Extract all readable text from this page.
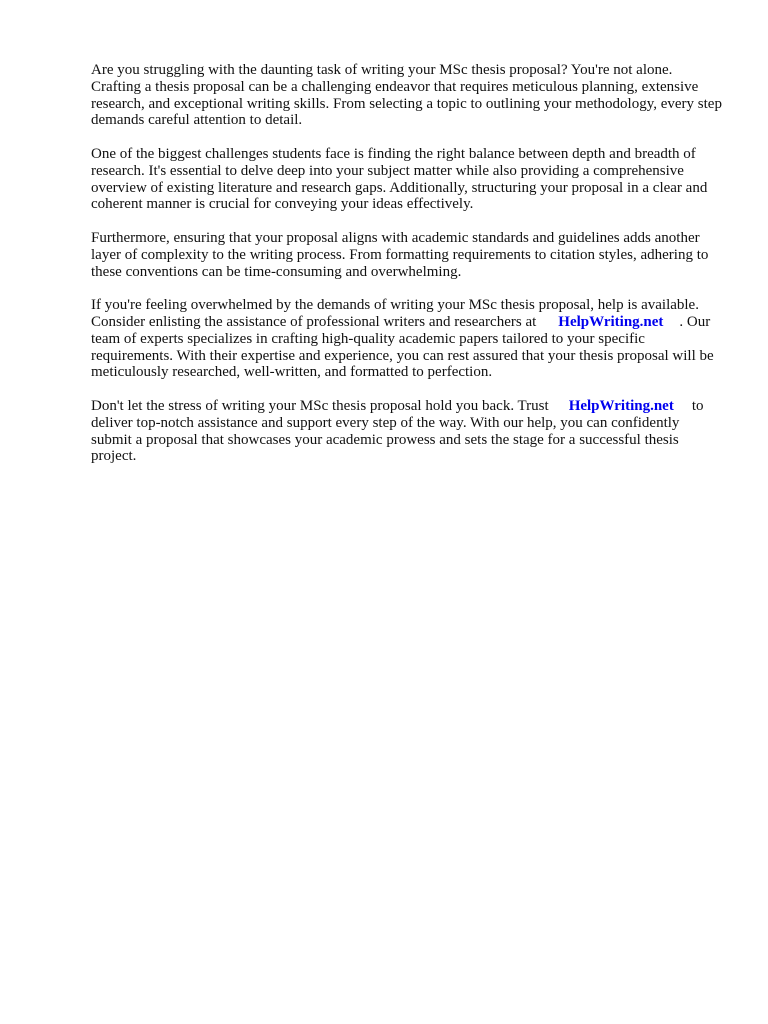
Are you struggling with the daunting task of writing your MSc thesis proposal? You're not alone. Crafting a thesis proposal can be a challenging endeavor that requires meticulous planning, extensive research, and exceptional writing skills. From selecting a topic to outlining your methodology, every step demands careful attention to detail.

One of the biggest challenges students face is finding the right balance between depth and breadth of research. It's essential to delve deep into your subject matter while also providing a comprehensive overview of existing literature and research gaps. Additionally, structuring your proposal in a clear and coherent manner is crucial for conveying your ideas effectively.

Furthermore, ensuring that your proposal aligns with academic standards and guidelines adds another layer of complexity to the writing process. From formatting requirements to citation styles, adhering to these conventions can be time-consuming and overwhelming.

If you're feeling overwhelmed by the demands of writing your MSc thesis proposal, help is available. Consider enlisting the assistance of professional writers and researchers at HelpWriting.net . Our team of experts specializes in crafting high-quality academic papers tailored to your specific requirements. With their expertise and experience, you can rest assured that your thesis proposal will be meticulously researched, well-written, and formatted to perfection.

Don't let the stress of writing your MSc thesis proposal hold you back. Trust HelpWriting.net to deliver top-notch assistance and support every step of the way. With our help, you can confidently submit a proposal that showcases your academic prowess and sets the stage for a successful thesis project.
